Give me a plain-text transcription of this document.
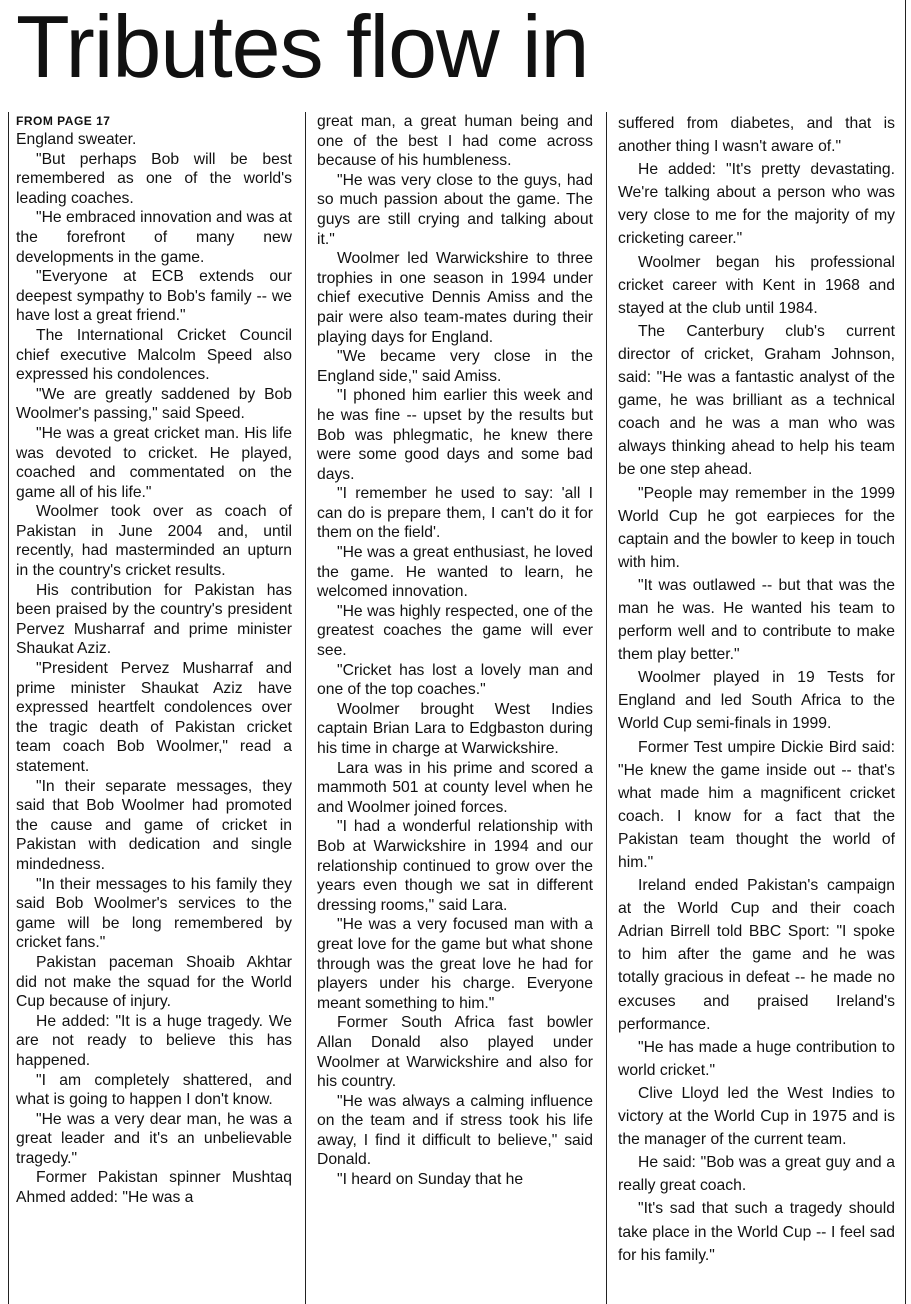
Tributes flow in
FROM PAGE 17

England sweater.

"But perhaps Bob will be best remembered as one of the world's leading coaches.

"He embraced innovation and was at the forefront of many new developments in the game.

"Everyone at ECB extends our deepest sympathy to Bob's family -- we have lost a great friend."

The International Cricket Council chief executive Malcolm Speed also expressed his condolences.

"We are greatly saddened by Bob Woolmer's passing," said Speed.

"He was a great cricket man. His life was devoted to cricket. He played, coached and commentated on the game all of his life."

Woolmer took over as coach of Pakistan in June 2004 and, until recently, had masterminded an upturn in the country's cricket results.

His contribution for Pakistan has been praised by the country's president Pervez Musharraf and prime minister Shaukat Aziz.

"President Pervez Musharraf and prime minister Shaukat Aziz have expressed heartfelt condolences over the tragic death of Pakistan cricket team coach Bob Woolmer," read a statement.

"In their separate messages, they said that Bob Woolmer had promoted the cause and game of cricket in Pakistan with dedication and single mindedness.

"In their messages to his family they said Bob Woolmer's services to the game will be long remembered by cricket fans."

Pakistan paceman Shoaib Akhtar did not make the squad for the World Cup because of injury.

He added: "It is a huge tragedy. We are not ready to believe this has happened.

"I am completely shattered, and what is going to happen I don't know.

"He was a very dear man, he was a great leader and it's an unbelievable tragedy."

Former Pakistan spinner Mushtaq Ahmed added: "He was a

great man, a great human being and one of the best I had come across because of his humbleness.

"He was very close to the guys, had so much passion about the game. The guys are still crying and talking about it."

Woolmer led Warwickshire to three trophies in one season in 1994 under chief executive Dennis Amiss and the pair were also team-mates during their playing days for England.

"We became very close in the England side," said Amiss.

"I phoned him earlier this week and he was fine -- upset by the results but Bob was phlegmatic, he knew there were some good days and some bad days.

"I remember he used to say: 'all I can do is prepare them, I can't do it for them on the field'.

"He was a great enthusiast, he loved the game. He wanted to learn, he welcomed innovation.

"He was highly respected, one of the greatest coaches the game will ever see.

"Cricket has lost a lovely man and one of the top coaches."

Woolmer brought West Indies captain Brian Lara to Edgbaston during his time in charge at Warwickshire.

Lara was in his prime and scored a mammoth 501 at county level when he and Woolmer joined forces.

"I had a wonderful relationship with Bob at Warwickshire in 1994 and our relationship continued to grow over the years even though we sat in different dressing rooms," said Lara.

"He was a very focused man with a great love for the game but what shone through was the great love he had for players under his charge. Everyone meant something to him."

Former South Africa fast bowler Allan Donald also played under Woolmer at Warwickshire and also for his country.

"He was always a calming influence on the team and if stress took his life away, I find it difficult to believe," said Donald.

"I heard on Sunday that he

suffered from diabetes, and that is another thing I wasn't aware of."

He added: "It's pretty devastating. We're talking about a person who was very close to me for the majority of my cricketing career."

Woolmer began his professional cricket career with Kent in 1968 and stayed at the club until 1984.

The Canterbury club's current director of cricket, Graham Johnson, said: "He was a fantastic analyst of the game, he was brilliant as a technical coach and he was a man who was always thinking ahead to help his team be one step ahead.

"People may remember in the 1999 World Cup he got earpieces for the captain and the bowler to keep in touch with him.

"It was outlawed -- but that was the man he was. He wanted his team to perform well and to contribute to make them play better."

Woolmer played in 19 Tests for England and led South Africa to the World Cup semi-finals in 1999.

Former Test umpire Dickie Bird said: "He knew the game inside out -- that's what made him a magnificent cricket coach. I know for a fact that the Pakistan team thought the world of him."

Ireland ended Pakistan's campaign at the World Cup and their coach Adrian Birrell told BBC Sport: "I spoke to him after the game and he was totally gracious in defeat -- he made no excuses and praised Ireland's performance.

"He has made a huge contribution to world cricket."

Clive Lloyd led the West Indies to victory at the World Cup in 1975 and is the manager of the current team.

He said: "Bob was a great guy and a really great coach.

"It's sad that such a tragedy should take place in the World Cup -- I feel sad for his family."
